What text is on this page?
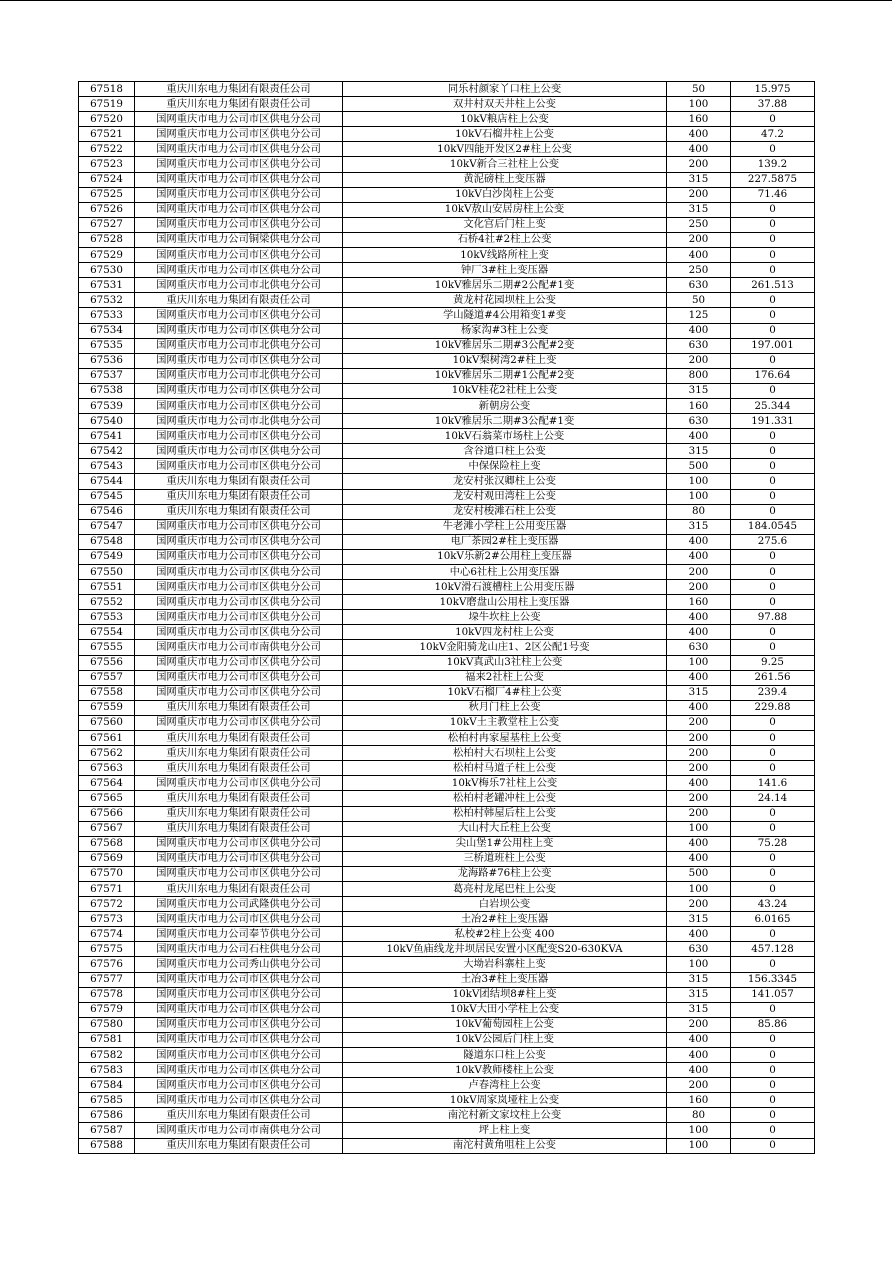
67518	重庆川东电力集团有限责任公司	同乐村颜家丫口柱上公变	50	15.975
67519	重庆川东电力集团有限责任公司	双井村双天井柱上公变	100	37.88
67520	国网重庆市电力公司市区供电分公司	10kV粮店柱上公变	160	0
67521	国网重庆市电力公司市区供电分公司	10kV石榴井柱上公变	400	47.2
67522	国网重庆市电力公司市区供电分公司	10kV四能开发区2#柱上公变	400	0
67523	国网重庆市电力公司市区供电分公司	10kV新合三社柱上公变	200	139.2
67524	国网重庆市电力公司市区供电分公司	黄泥磅柱上变压器	315	227.5875
67525	国网重庆市电力公司市区供电分公司	10kV白沙岗柱上公变	200	71.46
67526	国网重庆市电力公司市区供电分公司	10kV敖山安居房柱上公变	315	0
67527	国网重庆市电力公司市区供电分公司	文化宫后门柱上变	250	0
67528	国网重庆市电力公司铜梁供电分公司	石桥4社#2柱上公变	200	0
67529	国网重庆市电力公司市区供电分公司	10kV线路所柱上变	400	0
67530	国网重庆市电力公司市区供电分公司	钟厂3#柱上变压器	250	0
67531	国网重庆市电力公司市北供电分公司	10kV雅居乐二期#2公配#1变	630	261.513
67532	重庆川东电力集团有限责任公司	黄龙村花园坝柱上公变	50	0
67533	国网重庆市电力公司市区供电分公司	学山隧道#4公用箱变1#变	125	0
67534	国网重庆市电力公司市区供电分公司	杨家沟#3柱上公变	400	0
67535	国网重庆市电力公司市北供电分公司	10kV雅居乐二期#3公配#2变	630	197.001
67536	国网重庆市电力公司市区供电分公司	10kV梨树湾2#柱上变	200	0
67537	国网重庆市电力公司市北供电分公司	10kV雅居乐二期#1公配#2变	800	176.64
67538	国网重庆市电力公司市区供电分公司	10kV桂花2社柱上公变	315	0
67539	国网重庆市电力公司市区供电分公司	新朝房公变	160	25.344
67540	国网重庆市电力公司市北供电分公司	10kV雅居乐二期#3公配#1变	630	191.331
67541	国网重庆市电力公司市区供电分公司	10kV石翁菜市场柱上公变	400	0
67542	国网重庆市电力公司市区供电分公司	含谷道口柱上公变	315	0
67543	国网重庆市电力公司市区供电分公司	中保保险柱上变	500	0
67544	重庆川东电力集团有限责任公司	龙安村张汉卿柱上公变	100	0
67545	重庆川东电力集团有限责任公司	龙安村观田湾柱上公变	100	0
67546	重庆川东电力集团有限责任公司	龙安村梭滩石柱上公变	80	0
67547	国网重庆市电力公司市区供电分公司	牛老滩小学柱上公用变压器	315	184.0545
67548	国网重庆市电力公司市区供电分公司	电厂茶园2#柱上变压器	400	275.6
67549	国网重庆市电力公司市区供电分公司	10kV乐新2#公用柱上变压器	400	0
67550	国网重庆市电力公司市区供电分公司	中心6社柱上公用变压器	200	0
67551	国网重庆市电力公司市区供电分公司	10kV滑石渡槽柱上公用变压器	200	0
67552	国网重庆市电力公司市区供电分公司	10kV磨盘山公用柱上变压器	160	0
67553	国网重庆市电力公司市区供电分公司	垜牛坎柱上公变	400	97.88
67554	国网重庆市电力公司市区供电分公司	10kV四龙村柱上公变	400	0
67555	国网重庆市电力公司市南供电分公司	10kV金阳骑龙山庄1、2区公配1号变	630	0
67556	国网重庆市电力公司市区供电分公司	10kV真武山3社柱上公变	100	9.25
67557	国网重庆市电力公司市区供电分公司	福来2社柱上公变	400	261.56
67558	国网重庆市电力公司市区供电分公司	10kV石榴厂4#柱上公变	315	239.4
67559	重庆川东电力集团有限责任公司	秋月门柱上公变	400	229.88
67560	国网重庆市电力公司市区供电分公司	10kV土主教堂柱上公变	200	0
67561	重庆川东电力集团有限责任公司	松柏村冉家屋基柱上公变	200	0
67562	重庆川东电力集团有限责任公司	松柏村大石坝柱上公变	200	0
67563	重庆川东电力集团有限责任公司	松柏村马道子柱上公变	200	0
67564	国网重庆市电力公司市区供电分公司	10kV梅乐7社柱上公变	400	141.6
67565	重庆川东电力集团有限责任公司	松柏村老罐冲柱上公变	200	24.14
67566	重庆川东电力集团有限责任公司	松柏村韩屋后柱上公变	200	0
67567	重庆川东电力集团有限责任公司	大山村大丘柱上公变	100	0
67568	国网重庆市电力公司市区供电分公司	尖山堡1#公用柱上变	400	75.28
67569	国网重庆市电力公司市区供电分公司	三桥道班柱上公变	400	0
67570	国网重庆市电力公司市区供电分公司	龙海路#76柱上公变	500	0
67571	重庆川东电力集团有限责任公司	葛亮村龙尾巴柱上公变	100	0
67572	国网重庆市电力公司武隆供电分公司	白岩坝公变	200	43.24
67573	国网重庆市电力公司市区供电分公司	土冶2#柱上变压器	315	6.0165
67574	国网重庆市电力公司奉节供电分公司	私校#2柱上公变 400	400	0
67575	国网重庆市电力公司石柱供电分公司	10kV鱼庙线龙井坝居民安置小区配变S20-630KVA	630	457.128
67576	国网重庆市电力公司秀山供电分公司	大坳岩科寨柱上变	100	0
67577	国网重庆市电力公司市区供电分公司	土冶3#柱上变压器	315	156.3345
67578	国网重庆市电力公司市区供电分公司	10kV团结坝8#柱上变	315	141.057
67579	国网重庆市电力公司市区供电分公司	10kV大田小学柱上公变	315	0
67580	国网重庆市电力公司市区供电分公司	10kV葡萄园柱上公变	200	85.86
67581	国网重庆市电力公司市区供电分公司	10kV公园后门柱上变	400	0
67582	国网重庆市电力公司市区供电分公司	隧道东口柱上公变	400	0
67583	国网重庆市电力公司市区供电分公司	10kV教师楼柱上公变	400	0
67584	国网重庆市电力公司市区供电分公司	卢春湾柱上公变	200	0
67585	国网重庆市电力公司市区供电分公司	10kV周家岚垭柱上公变	160	0
67586	重庆川东电力集团有限责任公司	南沱村新文家坟柱上公变	80	0
67587	国网重庆市电力公司市南供电分公司	坪上柱上变	100	0
67588	重庆川东电力集团有限责任公司	南沱村黄角咀柱上公变	100	0
